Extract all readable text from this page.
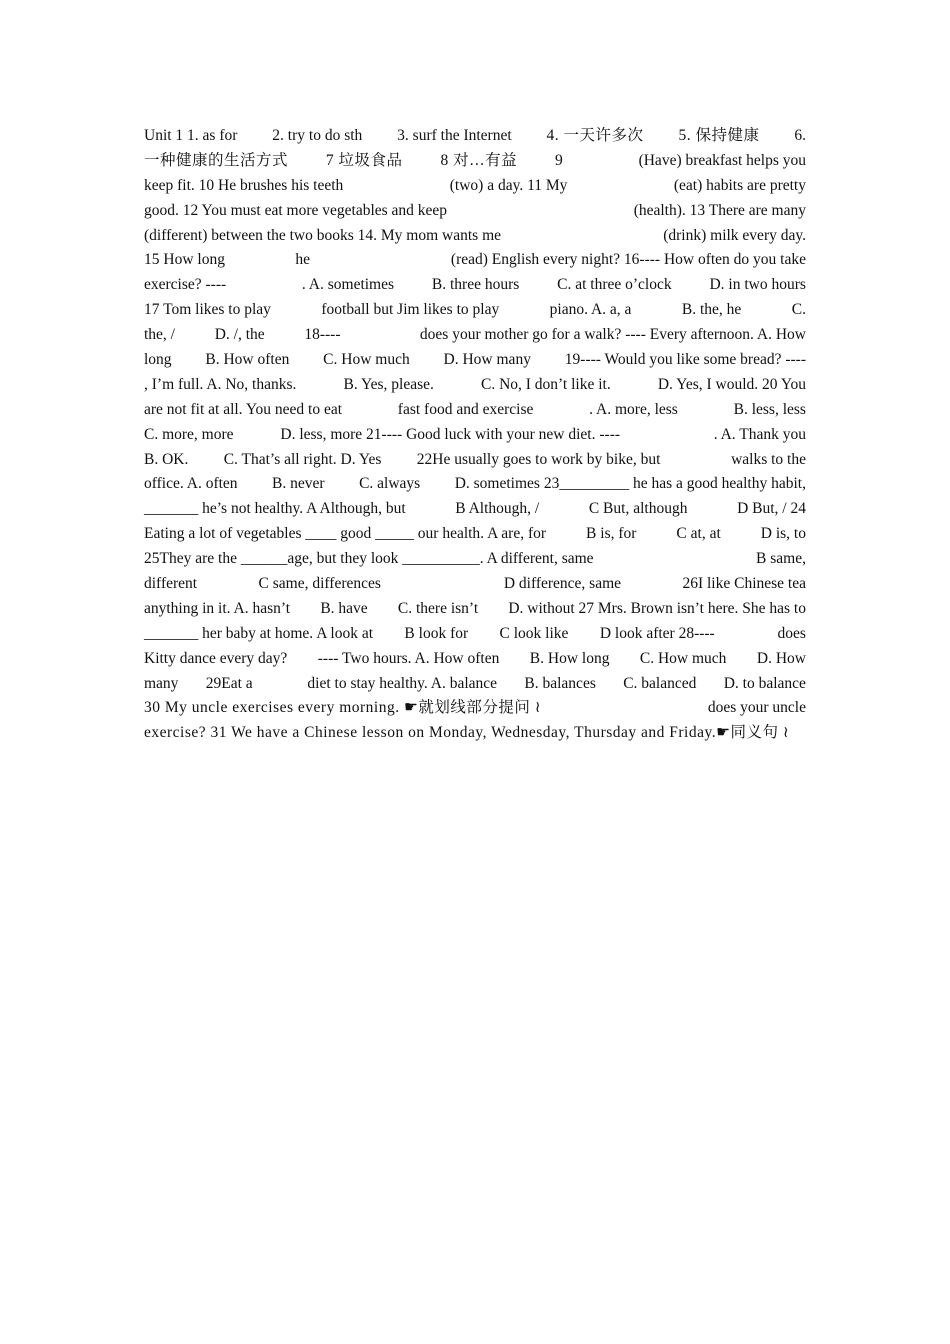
Unit 1 1. as for 2. try to do sth 3. surf the Internet 4. 一天许多次 5. 保持健康 6.
一种健康的生活方式 7 垃圾食品 8 对…有益 9	(Have) breakfast helps you
keep fit. 10 He brushes his teeth	(two) a day. 11 My	(eat) habits are pretty
good. 12 You must eat more vegetables and keep	(health). 13 There are many
(different) between the two books 14. My mom wants me	(drink) milk every day.
15 How long	he	(read) English every night? 16---- How often do you take
exercise? ----	. A. sometimes B. three hours C. at three o’clock D. in two hours
17 Tom likes to play	football but Jim likes to play	piano. A. a, a	B. the, he	C.
the, /	D. /, the	18----	does your mother go for a walk? ---- Every afternoon. A. How
long B. How often C. How much D. How many 19---- Would you like some bread? ----
, I’m full. A. No, thanks.	B. Yes, please.	C. No, I don’t like it.	D. Yes, I would. 20 You
are not fit at all. You need to eat	fast food and exercise	. A. more, less	B. less, less
C. more, more	D. less, more 21---- Good luck with your new diet. ----	. A. Thank you
B. OK. C. That’s all right. D. Yes 22He usually goes to work by bike, but	walks to the
office. A. often B. never C. always D. sometimes 23_________ he has a good healthy habit,
_______ he’s not healthy. A Although, but	B Although, /	C But, although	D But, / 24
Eating a lot of vegetables ____ good _____ our health. A are, for	B is, for	C at, at	D is, to
25They are the ______age, but they look __________. A different, same	B same,
different	C same, differences	D difference, same	26I like Chinese tea
anything in it. A. hasn’t B. have C. there isn’t D. without 27 Mrs. Brown isn’t here. She has to
_______ her baby at home. A look at B look for C look like D look after 28----	does
Kitty dance every day? ---- Two hours. A. How often B. How long C. How much D. How
many 29Eat a	diet to stay healthy. A. balance B. balances C. balanced D. to balance
30 My uncle exercises every morning. ☛就划线部分提问 ≀	does your uncle
exercise? 31 We have a Chinese lesson on Monday, Wednesday, Thursday and Friday.☛同义句 ≀
